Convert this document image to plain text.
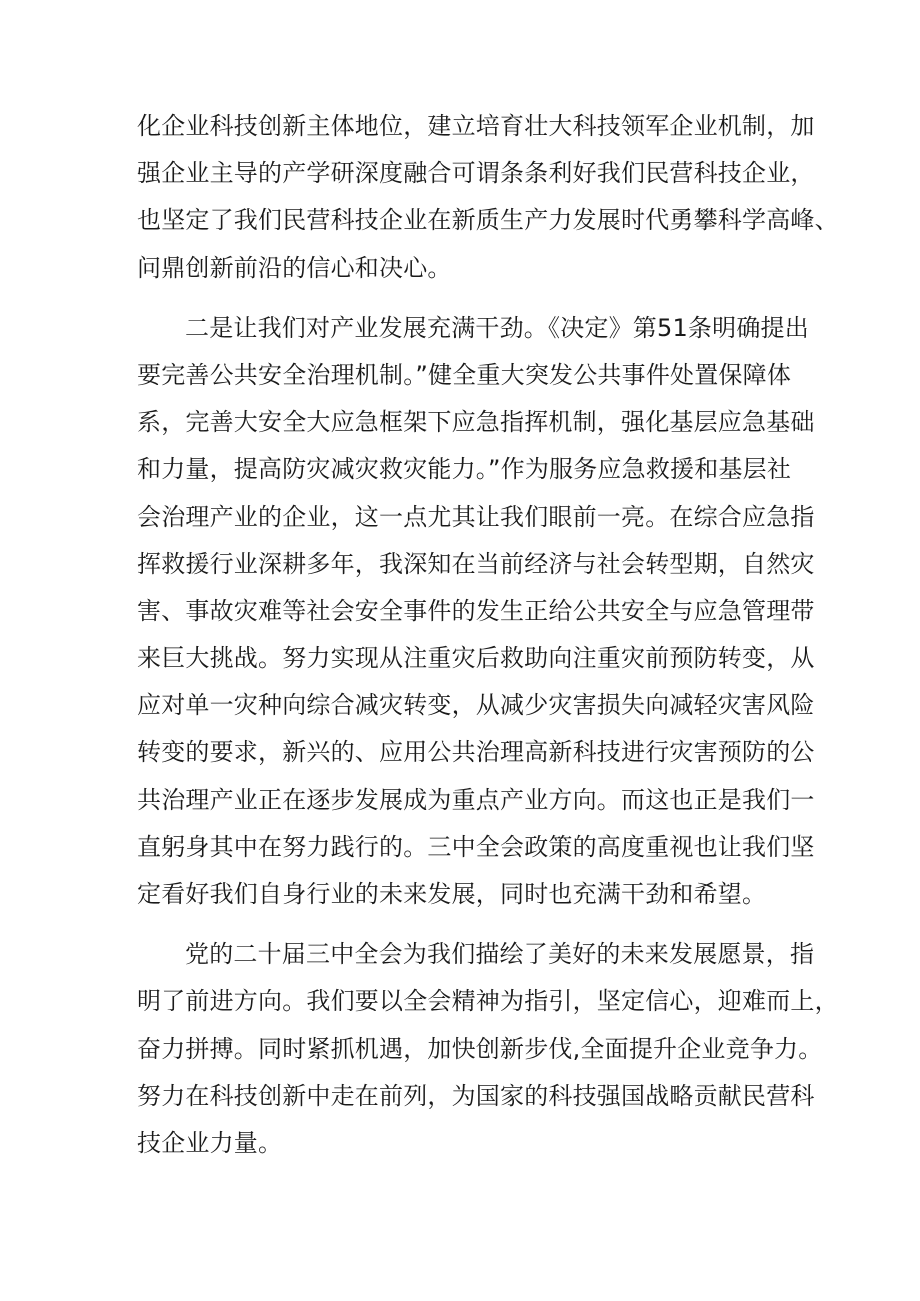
化企业科技创新主体地位，建立培育壮大科技领军企业机制，加
强企业主导的产学研深度融合可谓条条利好我们民营科技企业，
也坚定了我们民营科技企业在新质生产力发展时代勇攀科学高峰、
问鼎创新前沿的信心和决心。
二是让我们对产业发展充满干劲。《决定》第51条明确提出
要完善公共安全治理机制。”健全重大突发公共事件处置保障体
系，完善大安全大应急框架下应急指挥机制，强化基层应急基础
和力量，提高防灾减灾救灾能力。”作为服务应急救援和基层社
会治理产业的企业，这一点尤其让我们眼前一亮。在综合应急指
挥救援行业深耕多年，我深知在当前经济与社会转型期，自然灾
害、事故灾难等社会安全事件的发生正给公共安全与应急管理带
来巨大挑战。努力实现从注重灾后救助向注重灾前预防转变，从
应对单一灾种向综合减灾转变，从减少灾害损失向减轻灾害风险
转变的要求，新兴的、应用公共治理高新科技进行灾害预防的公
共治理产业正在逐步发展成为重点产业方向。而这也正是我们一
直躬身其中在努力践行的。三中全会政策的高度重视也让我们坚
定看好我们自身行业的未来发展，同时也充满干劲和希望。
党的二十届三中全会为我们描绘了美好的未来发展愿景，指
明了前进方向。我们要以全会精神为指引，坚定信心，迎难而上，
奋力拼搏。同时紧抓机遇，加快创新步伐,全面提升企业竞争力。
努力在科技创新中走在前列，为国家的科技强国战略贡献民营科
技企业力量。
